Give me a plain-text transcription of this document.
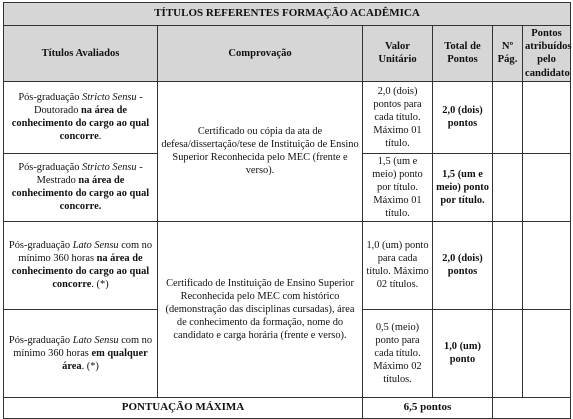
TÍTULOS REFERENTES FORMAÇÃO ACADÊMICA					
Títulos Avaliados	Comprovação	Valor Unitário	Total de Pontos	Nº Pág.	Pontos atribuídos pelo candidato
Pós-graduação Stricto Sensu - Doutorado na área de conhecimento do cargo ao qual concorre.	Certificado ou cópia da ata de defesa/dissertação/tese de Instituição de Ensino Superior Reconhecida pelo MEC (frente e verso).	2,0 (dois) pontos para cada título. Máximo 01 título.	2,0 (dois) pontos		
Pós-graduação Stricto Sensu - Mestrado na área de conhecimento do cargo ao qual concorre.		1,5 (um e meio) ponto por título. Máximo 01 título.	1,5 (um e meio) ponto por título.		
Pós-graduação Lato Sensu com no mínimo 360 horas na área de conhecimento do cargo ao qual concorre. (*)	Certificado de Instituição de Ensino Superior Reconhecida pelo MEC com histórico (demonstração das disciplinas cursadas), área de conhecimento da formação, nome do candidato e carga horária (frente e verso).	1,0 (um) ponto para cada título. Máximo 02 títulos.	2,0 (dois) pontos		
Pós-graduação Lato Sensu com no mínimo 360 horas em qualquer área. (*)		0,5 (meio) ponto para cada título. Máximo 02 títulos.	1,0 (um) ponto		
PONTUAÇÃO MÁXIMA		6,5 pontos			
